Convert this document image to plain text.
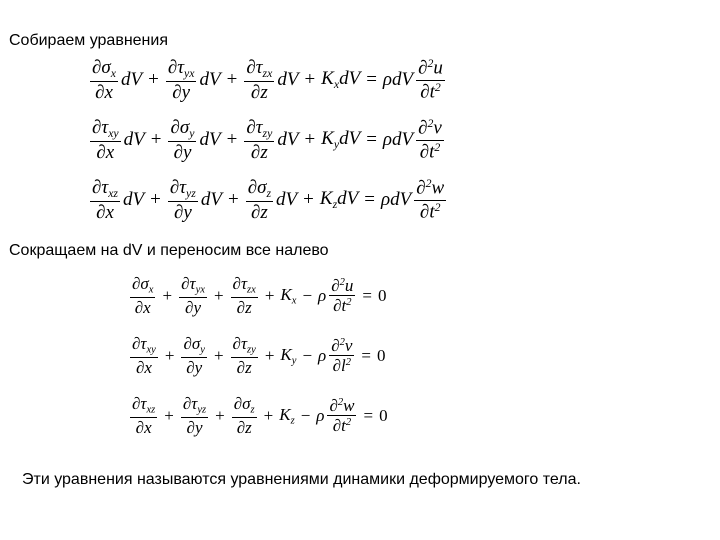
Собираем уравнения
$\frac{\partial\sigma_x}{\partial x}$ dV + $\frac{\partial\tau_{yx}}{\partial y}$ dV + $\frac{\partial\tau_{zx}}{\partial z}$ dV + $K_xdV = \rho dV \frac{\partial^2u}{\partial t^2}$
$\frac{\partial\tau_{xy}}{\partial x}$ dV + $\frac{\partial\sigma_y}{\partial y}$ dV + $\frac{\partial\tau_{zy}}{\partial z}$ dV + $K_ydV = \rho dV \frac{\partial^2v}{\partial t^2}$
$\frac{\partial\tau_{xz}}{\partial x}$ dV + $\frac{\partial\tau_{yz}}{\partial y}$ dV + $\frac{\partial\sigma_z}{\partial z}$ dV + $K_zdV = \rho dV \frac{\partial^2w}{\partial t^2}$
Сокращаем на dV и переносим все налево
$\frac{\partial\sigma_x}{\partial x} + \frac{\partial\tau_{yx}}{\partial y} + \frac{\partial\tau_{zx}}{\partial z} + K_x - \rho \frac{\partial^2u}{\partial t^2} = 0$
$\frac{\partial\tau_{xy}}{\partial x} + \frac{\partial\sigma_y}{\partial y} + \frac{\partial\tau_{zy}}{\partial z} + K_y - \rho \frac{\partial^2v}{\partial l^2} = 0$
$\frac{\partial\tau_{xz}}{\partial x} + \frac{\partial\tau_{yz}}{\partial y} + \frac{\partial\sigma_z}{\partial z} + K_z - \rho \frac{\partial^2w}{\partial t^2} = 0$
Эти уравнения называются уравнениями динамики деформируемого тела.
